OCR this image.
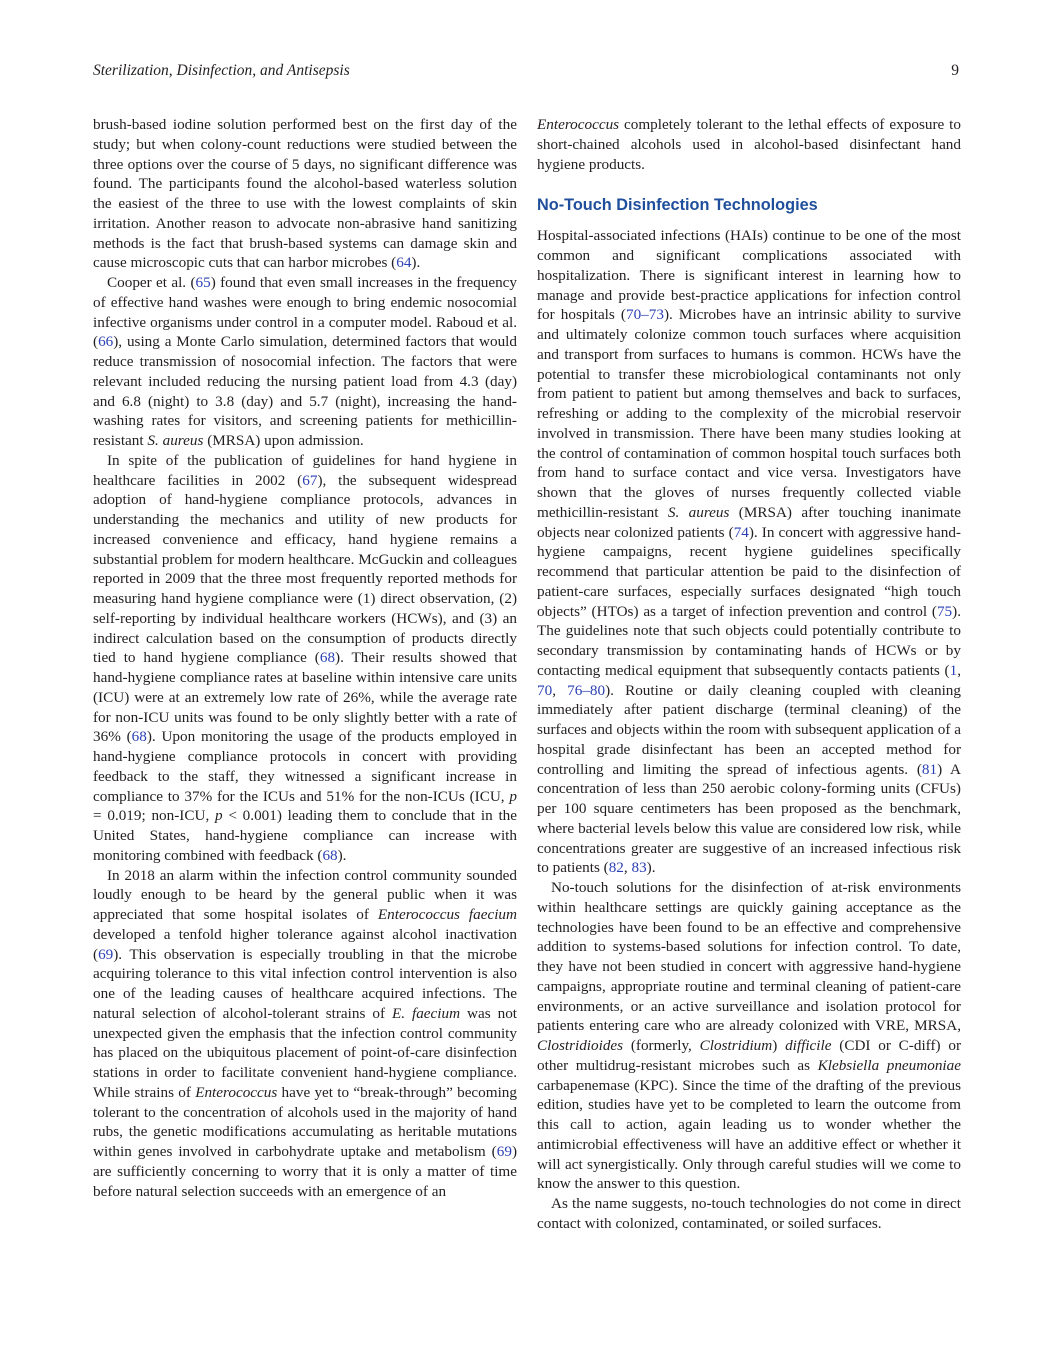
Sterilization, Disinfection, and Antisepsis	9

brush-based iodine solution performed best on the first day of the study; but when colony-count reductions were studied between the three options over the course of 5 days, no significant difference was found. The participants found the alcohol-based waterless solution the easiest of the three to use with the lowest complaints of skin irritation. Another reason to advocate non-abrasive hand sanitizing methods is the fact that brush-based systems can damage skin and cause microscopic cuts that can harbor microbes (64).

Cooper et al. (65) found that even small increases in the frequency of effective hand washes were enough to bring endemic nosocomial infective organisms under control in a computer model. Raboud et al. (66), using a Monte Carlo simulation, determined factors that would reduce transmission of nosocomial infection. The factors that were relevant included reducing the nursing patient load from 4.3 (day) and 6.8 (night) to 3.8 (day) and 5.7 (night), increasing the hand-washing rates for visitors, and screening patients for methicillin-resistant S. aureus (MRSA) upon admission.

In spite of the publication of guidelines for hand hygiene in healthcare facilities in 2002 (67), the subsequent widespread adoption of hand-hygiene compliance protocols, advances in understanding the mechanics and utility of new products for increased convenience and efficacy, hand hygiene remains a substantial problem for modern healthcare. McGuckin and colleagues reported in 2009 that the three most frequently reported methods for measuring hand hygiene compliance were (1) direct observation, (2) self-reporting by individual healthcare workers (HCWs), and (3) an indirect calculation based on the consumption of products directly tied to hand hygiene compliance (68). Their results showed that hand-hygiene compliance rates at baseline within intensive care units (ICU) were at an extremely low rate of 26%, while the average rate for non-ICU units was found to be only slightly better with a rate of 36% (68). Upon monitoring the usage of the products employed in hand-hygiene compliance protocols in concert with providing feedback to the staff, they witnessed a significant increase in compliance to 37% for the ICUs and 51% for the non-ICUs (ICU, p = 0.019; non-ICU, p < 0.001) leading them to conclude that in the United States, hand-hygiene compliance can increase with monitoring combined with feedback (68).

In 2018 an alarm within the infection control community sounded loudly enough to be heard by the general public when it was appreciated that some hospital isolates of Enterococcus faecium developed a tenfold higher tolerance against alcohol inactivation (69). This observation is especially troubling in that the microbe acquiring tolerance to this vital infection control intervention is also one of the leading causes of healthcare acquired infections. The natural selection of alcohol-tolerant strains of E. faecium was not unexpected given the emphasis that the infection control community has placed on the ubiquitous placement of point-of-care disinfection stations in order to facilitate convenient hand-hygiene compliance. While strains of Enterococcus have yet to “break-through” becoming tolerant to the concentration of alcohols used in the majority of hand rubs, the genetic modifications accumulating as heritable mutations within genes involved in carbohydrate uptake and metabolism (69) are sufficiently concerning to worry that it is only a matter of time before natural selection succeeds with an emergence of an

Enterococcus completely tolerant to the lethal effects of exposure to short-chained alcohols used in alcohol-based disinfectant hand hygiene products.

No-Touch Disinfection Technologies

Hospital-associated infections (HAIs) continue to be one of the most common and significant complications associated with hospitalization. There is significant interest in learning how to manage and provide best-practice applications for infection control for hospitals (70–73). Microbes have an intrinsic ability to survive and ultimately colonize common touch surfaces where acquisition and transport from surfaces to humans is common. HCWs have the potential to transfer these microbiological contaminants not only from patient to patient but among themselves and back to surfaces, refreshing or adding to the complexity of the microbial reservoir involved in transmission. There have been many studies looking at the control of contamination of common hospital touch surfaces both from hand to surface contact and vice versa. Investigators have shown that the gloves of nurses frequently collected viable methicillin-resistant S. aureus (MRSA) after touching inanimate objects near colonized patients (74). In concert with aggressive hand-hygiene campaigns, recent hygiene guidelines specifically recommend that particular attention be paid to the disinfection of patient-care surfaces, especially surfaces designated “high touch objects” (HTOs) as a target of infection prevention and control (75). The guidelines note that such objects could potentially contribute to secondary transmission by contaminating hands of HCWs or by contacting medical equipment that subsequently contacts patients (1, 70, 76–80). Routine or daily cleaning coupled with cleaning immediately after patient discharge (terminal cleaning) of the surfaces and objects within the room with subsequent application of a hospital grade disinfectant has been an accepted method for controlling and limiting the spread of infectious agents. (81) A concentration of less than 250 aerobic colony-forming units (CFUs) per 100 square centimeters has been proposed as the benchmark, where bacterial levels below this value are considered low risk, while concentrations greater are suggestive of an increased infectious risk to patients (82, 83).

No-touch solutions for the disinfection of at-risk environments within healthcare settings are quickly gaining acceptance as the technologies have been found to be an effective and comprehensive addition to systems-based solutions for infection control. To date, they have not been studied in concert with aggressive hand-hygiene campaigns, appropriate routine and terminal cleaning of patient-care environments, or an active surveillance and isolation protocol for patients entering care who are already colonized with VRE, MRSA, Clostridioides (formerly, Clostridium) difficile (CDI or C-diff) or other multidrug-resistant microbes such as Klebsiella pneumoniae carbapenemase (KPC). Since the time of the drafting of the previous edition, studies have yet to be completed to learn the outcome from this call to action, again leading us to wonder whether the antimicrobial effectiveness will have an additive effect or whether it will act synergistically. Only through careful studies will we come to know the answer to this question.

As the name suggests, no-touch technologies do not come in direct contact with colonized, contaminated, or soiled surfaces.
